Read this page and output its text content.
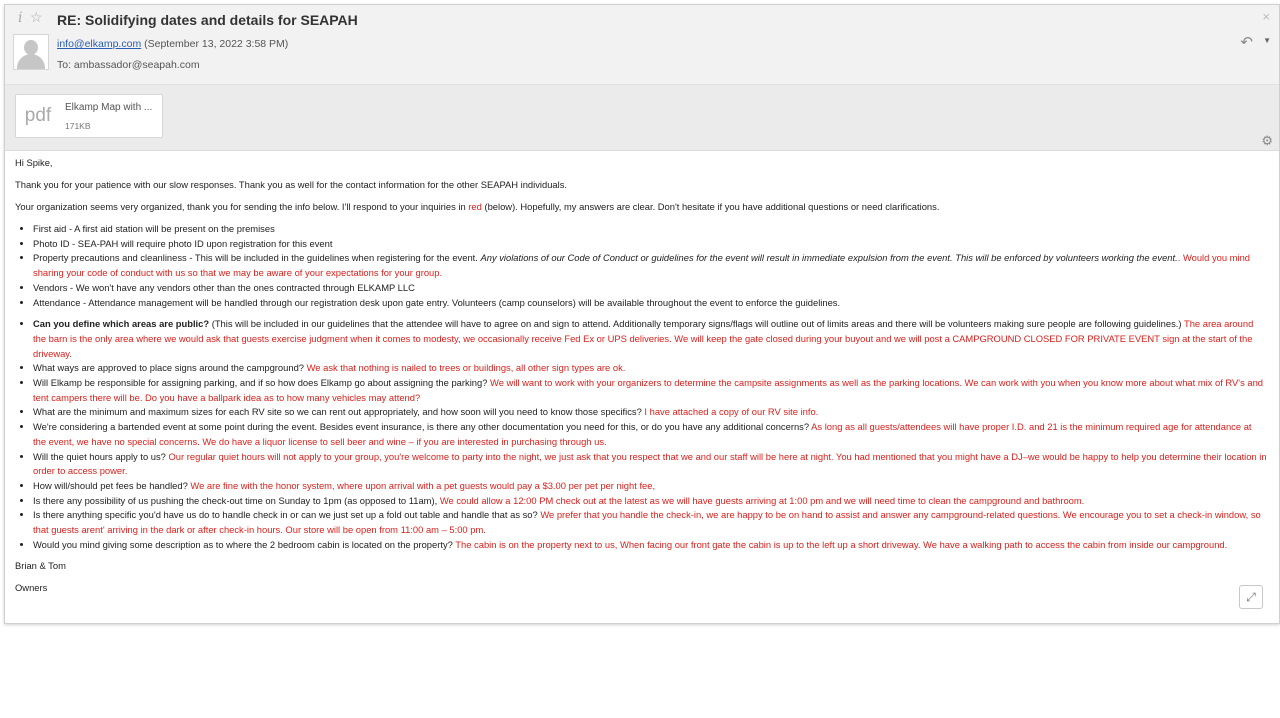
i ☆ RE: Solidifying dates and details for SEAPAH
info@elkamp.com (September 13, 2022 3:58 PM)
To: ambassador@seapah.com
×
↶ ▼
pdf	Elkamp Map with ...
171KB
⚙

Hi Spike,

Thank you for your patience with our slow responses. Thank you as well for the contact information for the other SEAPAH individuals.

Your organization seems very organized, thank you for sending the info below. I'll respond to your inquiries in red (below). Hopefully, my answers are clear. Don't hesitate if you have additional questions or need clarifications.

• First aid - A first aid station will be present on the premises
• Photo ID - SEA-PAH will require photo ID upon registration for this event
• Property precautions and cleanliness - This will be included in the guidelines when registering for the event. Any violations of our Code of Conduct or guidelines for the event will result in immediate expulsion from the event. This will be enforced by volunteers working the event.. Would you mind sharing your code of conduct with us so that we may be aware of your expectations for your group.
• Vendors - We won't have any vendors other than the ones contracted through ELKAMP LLC
• Attendance - Attendance management will be handled through our registration desk upon gate entry. Volunteers (camp counselors) will be available throughout the event to enforce the guidelines.
• Can you define which areas are public? (This will be included in our guidelines that the attendee will have to agree on and sign to attend. Additionally temporary signs/flags will outline out of limits areas and there will be volunteers making sure people are following guidelines.) The area around the barn is the only area where we would ask that guests exercise judgment when it comes to modesty, we occasionally receive Fed Ex or UPS deliveries. We will keep the gate closed during your buyout and we will post a CAMPGROUND CLOSED FOR PRIVATE EVENT sign at the start of the driveway.
• What ways are approved to place signs around the campground? We ask that nothing is nailed to trees or buildings, all other sign types are ok.
• Will Elkamp be responsible for assigning parking, and if so how does Elkamp go about assigning the parking? We will want to work with your organizers to determine the campsite assignments as well as the parking locations. We can work with you when you know more about what mix of RV's and tent campers there will be. Do you have a ballpark idea as to how many vehicles may attend?
• What are the minimum and maximum sizes for each RV site so we can rent out appropriately, and how soon will you need to know those specifics? I have attached a copy of our RV site info.
• We're considering a bartended event at some point during the event. Besides event insurance, is there any other documentation you need for this, or do you have any additional concerns? As long as all guests/attendees will have proper I.D. and 21 is the minimum required age for attendance at the event, we have no special concerns. We do have a liquor license to sell beer and wine – if you are interested in purchasing through us.
• Will the quiet hours apply to us? Our regular quiet hours will not apply to your group, you're welcome to party into the night, we just ask that you respect that we and our staff will be here at night. You had mentioned that you might have a DJ–we would be happy to help you determine their location in order to access power.
• How will/should pet fees be handled? We are fine with the honor system, where upon arrival with a pet guests would pay a $3.00 per pet per night fee,
• Is there any possibility of us pushing the check-out time on Sunday to 1pm (as opposed to 11am), We could allow a 12:00 PM check out at the latest as we will have guests arriving at 1:00 pm and we will need time to clean the campground and bathroom.
• Is there anything specific you'd have us do to handle check in or can we just set up a fold out table and handle that as so? We prefer that you handle the check-in, we are happy to be on hand to assist and answer any campground-related questions. We encourage you to set a check-in window, so that guests arent' arriving in the dark or after check-in hours. Our store will be open from 11:00 am – 5:00 pm.
• Would you mind giving some description as to where the 2 bedroom cabin is located on the property? The cabin is on the property next to us, When facing our front gate the cabin is up to the left up a short driveway. We have a walking path to access the cabin from inside our campground.

Brian & Tom

Owners

⤢
